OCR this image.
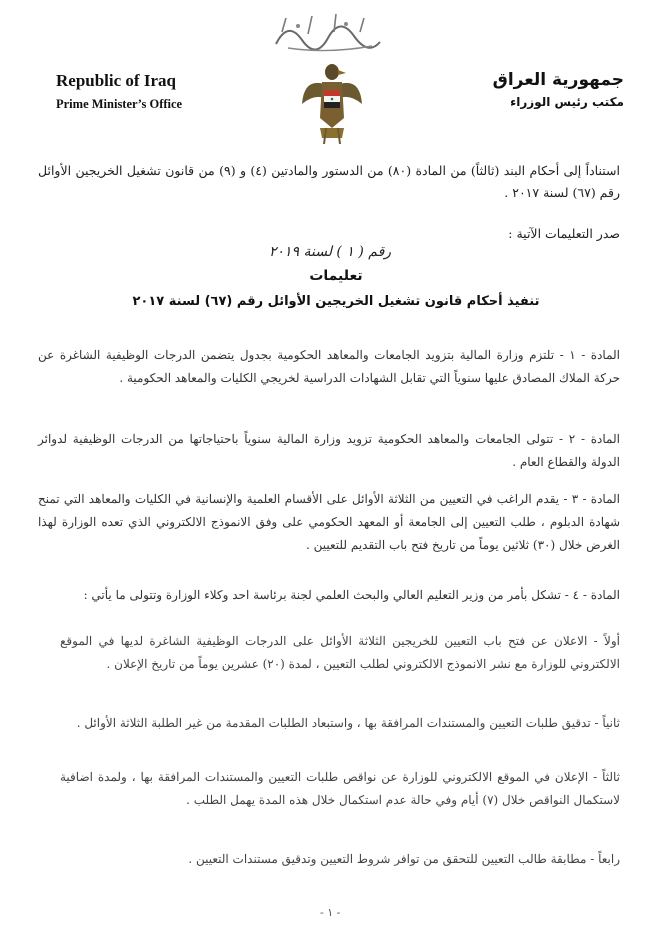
Republic of Iraq
Prime Minister’s Office
جمهورية العراق
مكتب رئيس الوزراء
استناداً إلى أحكام البند (ثالثاً) من المادة (٨٠) من الدستور والمادتين (٤) و (٩) من قانون تشغيل الخريجين الأوائل رقم (٦٧) لسنة ٢٠١٧ .
صدر التعليمات الآتية :
رقم ( ١ ) لسنة ٢٠١٩
تعليمات
تنفيذ أحكام قانون تشغيل الخريجين الأوائل رقم (٦٧) لسنة ٢٠١٧
المادة - ١ - تلتزم وزارة المالية بتزويد الجامعات والمعاهد الحكومية بجدول يتضمن الدرجات الوظيفية الشاغرة عن حركة الملاك المصادق عليها سنوياً التي تقابل الشهادات الدراسية لخريجي الكليات والمعاهد الحكومية .
المادة - ٢ - تتولى الجامعات والمعاهد الحكومية تزويد وزارة المالية سنوياً باحتياجاتها من الدرجات الوظيفية لدوائر الدولة والقطاع العام .
المادة - ٣ - يقدم الراغب في التعيين من الثلاثة الأوائل على الأقسام العلمية والإنسانية في الكليات والمعاهد التي تمنح شهادة الدبلوم ، طلب التعيين إلى الجامعة أو المعهد الحكومي على وفق الانموذج الالكتروني الذي تعده الوزارة لهذا الغرض خلال (٣٠) ثلاثين يوماً من تاريخ فتح باب التقديم للتعيين .
المادة - ٤ - تشكل بأمر من وزير التعليم العالي والبحث العلمي لجنة برئاسة احد وكلاء الوزارة وتتولى ما يأتي :
أولاً - الاعلان عن فتح باب التعيين للخريجين الثلاثة الأوائل على الدرجات الوظيفية الشاغرة لديها في الموقع الالكتروني للوزارة مع نشر الانموذج الالكتروني لطلب التعيين ، لمدة (٢٠) عشرين يوماً من تاريخ الإعلان .
ثانياً - تدقيق طلبات التعيين والمستندات المرافقة بها ، واستبعاد الطلبات المقدمة من غير الطلبة الثلاثة الأوائل .
ثالثاً - الإعلان في الموقع الالكتروني للوزارة عن نواقص طلبات التعيين والمستندات المرافقة بها ، ولمدة اضافية لاستكمال النواقص خلال (٧) أيام وفي حالة عدم استكمال خلال هذه المدة يهمل الطلب .
رابعاً - مطابقة طالب التعيين للتحقق من توافر شروط التعيين وتدقيق مستندات التعيين .
- ١ -
